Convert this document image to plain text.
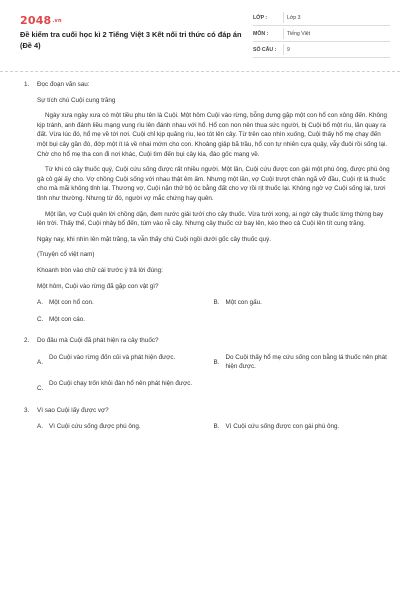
2048.vn
Đề kiểm tra cuối học kì 2 Tiếng Việt 3 Kết nối tri thức có đáp án (Đề 4)
LỚP :	Lớp 3
MÔN :	Tiếng Việt
SỐ CÂU :	9
1.	Đọc đoạn văn sau:
Sự tích chú Cuội cung trăng
Ngày xưa ngày xưa có một tiều phu tên là Cuội. Một hôm Cuội vào rừng, bỗng dưng gặp một con hổ con xông đến. Không kịp tránh, anh đánh liều mạng vung rìu lên đánh nhau với hổ. Hổ con non nên thua sức người, bị Cuội bổ một rìu, lăn quay ra đất. Vừa lúc đó, hổ mẹ về tới nơi. Cuội chỉ kịp quăng rìu, leo tót lên cây. Từ trên cao nhìn xuống, Cuội thấy hổ mẹ chạy đến một bụi cây gần đó, đớp một ít lá về nhai mớm cho con. Khoảng giập bã trầu, hổ con tự nhiên cựa quậy, vẫy đuôi rồi sống lại. Chờ cho hổ mẹ tha con đi nơi khác, Cuội tìm đến bụi cây kia, đào gốc mang về.
Từ khi có cây thuốc quý, Cuội cứu sống được rất nhiều người. Một lần, Cuội cứu được con gái một phú ông, được phú ông gả cô gái ấy cho. Vợ chồng Cuội sống với nhau thật êm ấm. Nhưng một lần, vợ Cuội trượt chân ngã vỡ đầu, Cuội rịt lá thuốc cho mà mãi không tỉnh lại. Thương vợ, Cuội nặn thử bộ óc bằng đất cho vợ rồi rịt thuốc lại. Không ngờ vợ Cuội sống lại, tươi tỉnh như thường. Nhưng từ đó, người vợ mắc chứng hay quên.
Một lần, vợ Cuội quên lời chồng dặn, đem nước giải tưới cho cây thuốc. Vừa tưới xong, ai ngờ cây thuốc lừng thừng bay lên trời. Thấy thế, Cuội nhảy bổ đến, túm vào rễ cây. Nhưng cây thuốc cứ bay lên, kéo theo cả Cuội lên tít cung trăng.
Ngày nay, khi nhìn lên mặt trăng, ta vẫn thấy chú Cuội ngồi dưới gốc cây thuốc quý.
(Truyện cổ việt nam)
Khoanh tròn vào chữ cái trước ý trả lời đúng:
Một hôm, Cuội vào rừng đã gặp con vật gì?
A. Một con hổ con.	B. Một con gấu.
C. Một con cáo.
2.	Do đâu mà Cuội đã phát hiện ra cây thuốc?
A.
Do Cuội vào rừng đốn củi và phát hiện được.
B.
Do Cuội thấy hổ mẹ cứu sống con bằng lá thuốc nên phát hiện được.
C.
Do Cuội chạy trốn khỏi đàn hổ nên phát hiện được.
3.	Vì sao Cuội lấy được vợ?
A. Vì Cuội cứu sống được phú ông.	B. Vì Cuội cứu sống được con gái phú ông.
